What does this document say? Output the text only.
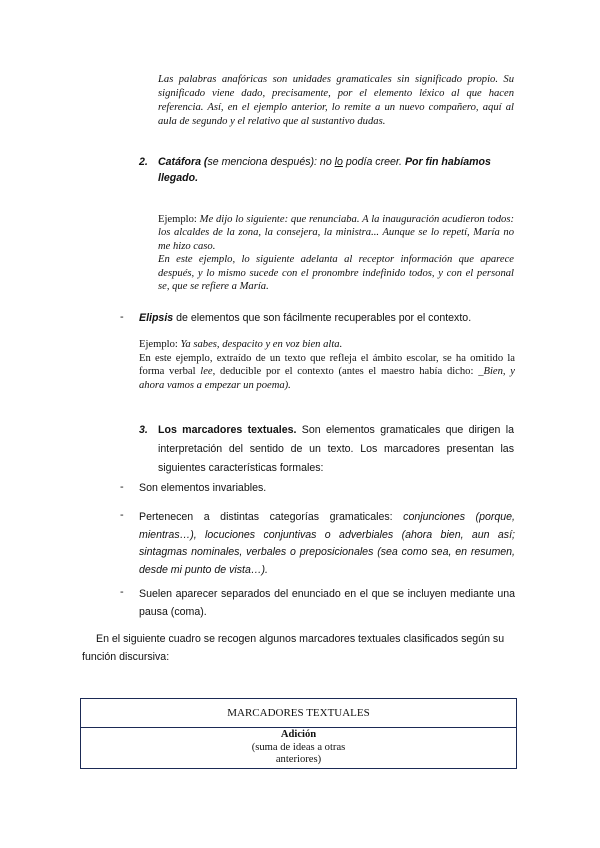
Las palabras anafóricas son unidades gramaticales sin significado propio. Su significado viene dado, precisamente, por el elemento léxico al que hacen referencia. Así, en el ejemplo anterior, lo remite a un nuevo compañero, aquí al aula de segundo y el relativo que al sustantivo dudas.

2. Catáfora (se menciona después): no lo podía creer. Por fin habíamos llegado.

Ejemplo: Me dijo lo siguiente: que renunciaba. A la inauguración acudieron todos: los alcaldes de la zona, la consejera, la ministra... Aunque se lo repetí, María no me hizo caso.

En este ejemplo, lo siguiente adelanta al receptor información que aparece después, y lo mismo sucede con el pronombre indefinido todos, y con el personal se, que se refiere a María.

- Elipsis de elementos que son fácilmente recuperables por el contexto.

Ejemplo: Ya sabes, despacito y en voz bien alta.

En este ejemplo, extraído de un texto que refleja el ámbito escolar, se ha omitido la forma verbal lee, deducible por el contexto (antes el maestro había dicho: _Bien, y ahora vamos a empezar un poema).

3. Los marcadores textuales. Son elementos gramaticales que dirigen la interpretación del sentido de un texto. Los marcadores presentan las siguientes características formales:
- Son elementos invariables.
- Pertenecen a distintas categorías gramaticales: conjunciones (porque, mientras…), locuciones conjuntivas o adverbiales (ahora bien, aun así; sintagmas nominales, verbales o preposicionales (sea como sea, en resumen, desde mi punto de vista…).
- Suelen aparecer separados del enunciado en el que se incluyen mediante una pausa (coma).
En el siguiente cuadro se recogen algunos marcadores textuales clasificados según su función discursiva:
MARCADORES TEXTUALES

Adición
(suma de ideas a otras
anteriores)
